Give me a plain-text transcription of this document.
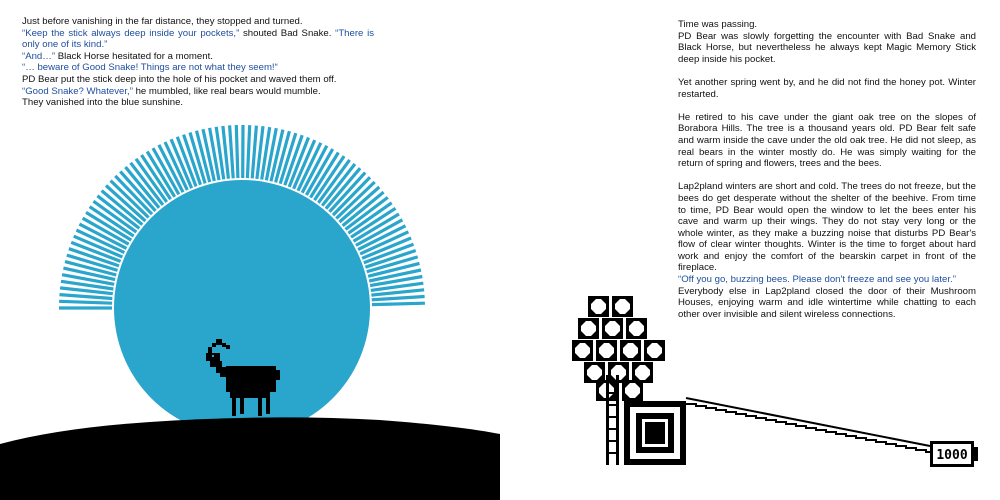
Just before vanishing in the far distance, they stopped and turned.

“Keep the stick always deep inside your pockets,” shouted Bad Snake. “There is only one of its kind.”

“And…” Black Horse hesitated for a moment.

“… beware of Good Snake! Things are not what they seem!“

PD Bear put the stick deep into the hole of his pocket and waved them off.

“Good Snake? Whatever,” he mumbled, like real bears would mumble.

They vanished into the blue sunshine.

1000

Time was passing.

PD Bear was slowly forgetting the encounter with Bad Snake and Black Horse, but nevertheless he always kept Magic Memory Stick deep inside his pocket.

Yet another spring went by, and he did not find the honey pot. Winter restarted.

He retired to his cave under the giant oak tree on the slopes of Borabora Hills. The tree is a thousand years old. PD Bear felt safe and warm inside the cave under the old oak tree. He did not sleep, as real bears in the winter mostly do. He was simply waiting for the return of spring and flowers, trees and the bees.

Lap2pland winters are short and cold. The trees do not freeze, but the bees do get desperate without the shelter of the beehive. From time to time, PD Bear would open the window to let the bees enter his cave and warm up their wings. They do not stay very long or the whole winter, as they make a buzzing noise that disturbs PD Bear's flow of clear winter thoughts. Winter is the time to forget about hard work and enjoy the comfort of the bearskin carpet in front of the fireplace.

“Off you go, buzzing bees. Please don't freeze and see you later.”

Everybody else in Lap2pland closed the door of their Mushroom Houses, enjoying warm and idle wintertime while chatting to each other over invisible and silent wireless connections.
